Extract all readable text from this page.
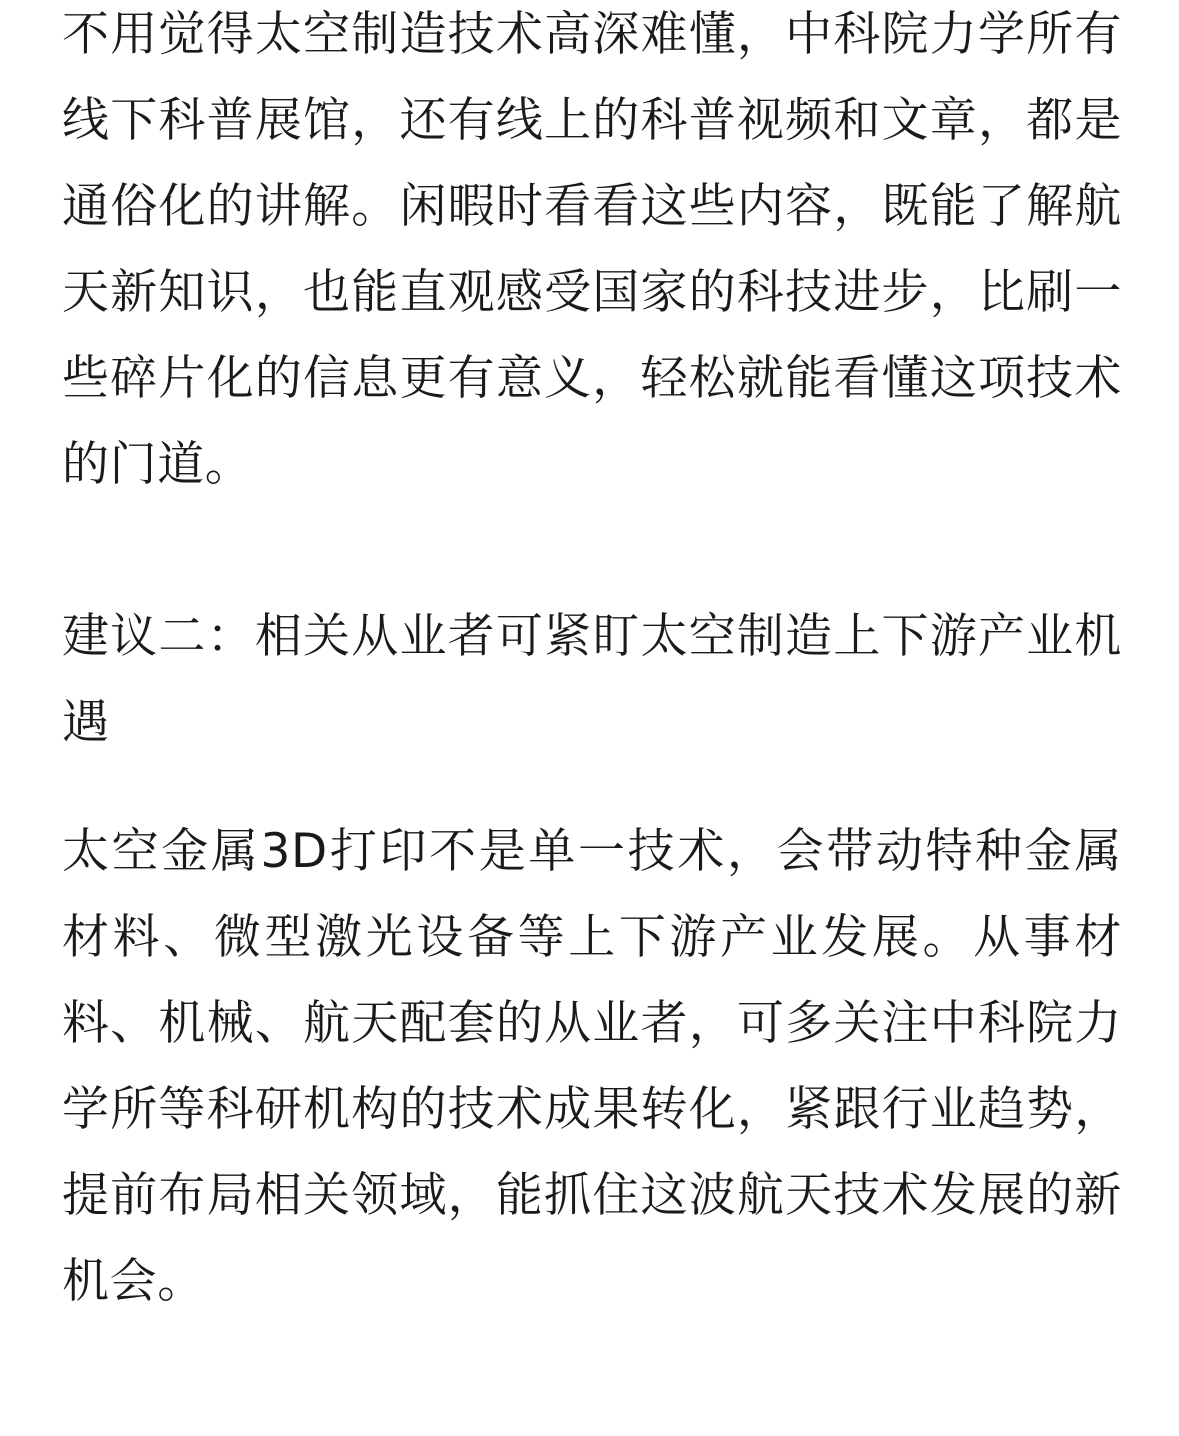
不用觉得太空制造技术高深难懂，中科院力学所有线下科普展馆，还有线上的科普视频和文章，都是通俗化的讲解。闲暇时看看这些内容，既能了解航天新知识，也能直观感受国家的科技进步，比刷一些碎片化的信息更有意义，轻松就能看懂这项技术的门道。

建议二：相关从业者可紧盯太空制造上下游产业机遇

太空金属3D打印不是单一技术，会带动特种金属材料、微型激光设备等上下游产业发展。从事材料、机械、航天配套的从业者，可多关注中科院力学所等科研机构的技术成果转化，紧跟行业趋势，提前布局相关领域，能抓住这波航天技术发展的新机会。
